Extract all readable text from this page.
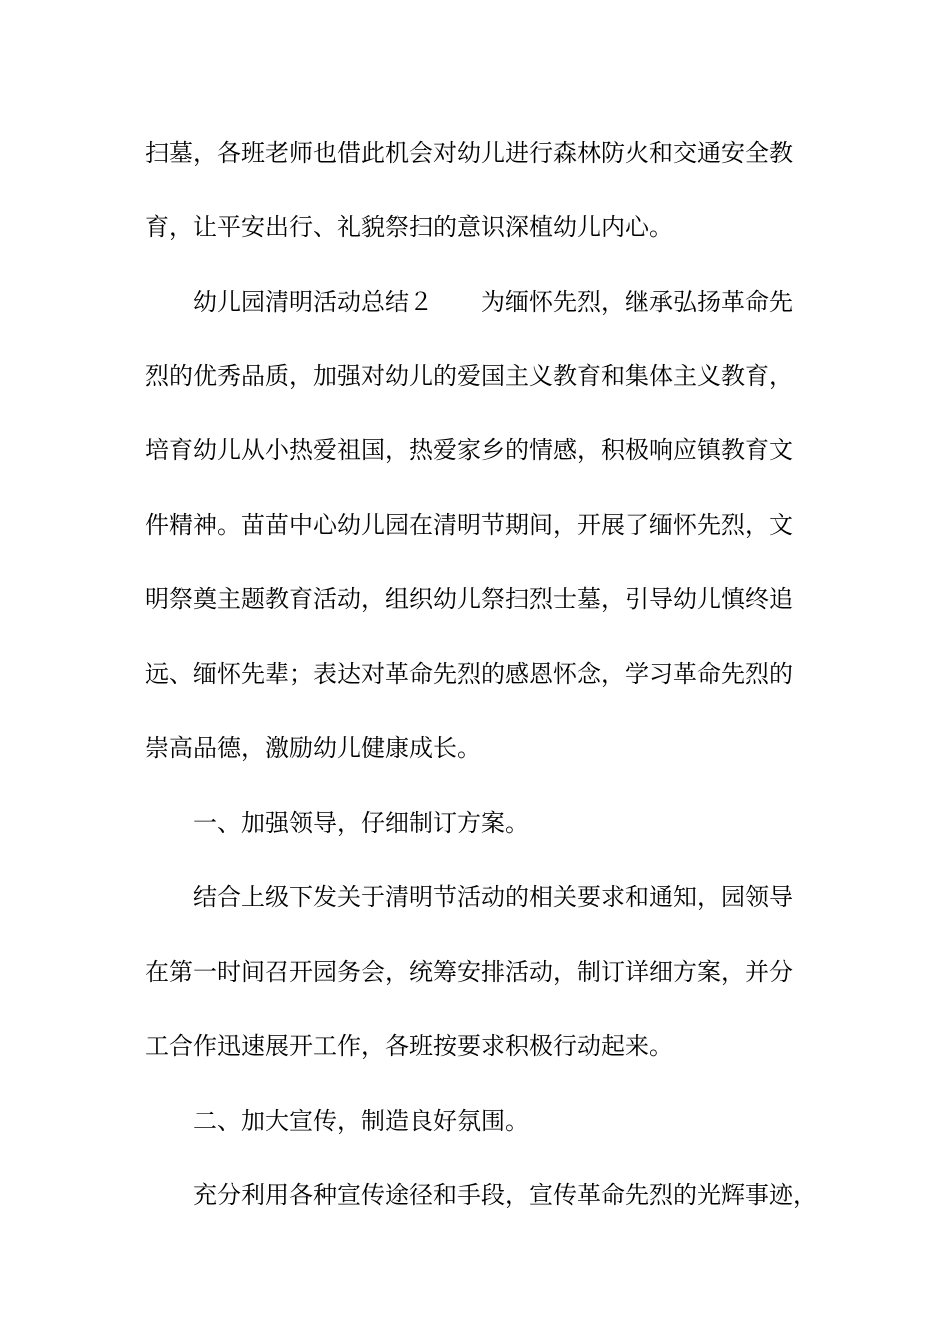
扫墓，各班老师也借此机会对幼儿进行森林防火和交通安全教
育，让平安出行、礼貌祭扫的意识深植幼儿内心。
幼儿园清明活动总结２　　为缅怀先烈，继承弘扬革命先
烈的优秀品质，加强对幼儿的爱国主义教育和集体主义教育，
培育幼儿从小热爱祖国，热爱家乡的情感，积极响应镇教育文
件精神。苗苗中心幼儿园在清明节期间，开展了缅怀先烈，文
明祭奠主题教育活动，组织幼儿祭扫烈士墓，引导幼儿慎终追
远、缅怀先辈；表达对革命先烈的感恩怀念，学习革命先烈的
崇高品德，激励幼儿健康成长。
一、加强领导，仔细制订方案。
结合上级下发关于清明节活动的相关要求和通知，园领导
在第一时间召开园务会，统筹安排活动，制订详细方案，并分
工合作迅速展开工作，各班按要求积极行动起来。
二、加大宣传，制造良好氛围。
充分利用各种宣传途径和手段，宣传革命先烈的光辉事迹，
